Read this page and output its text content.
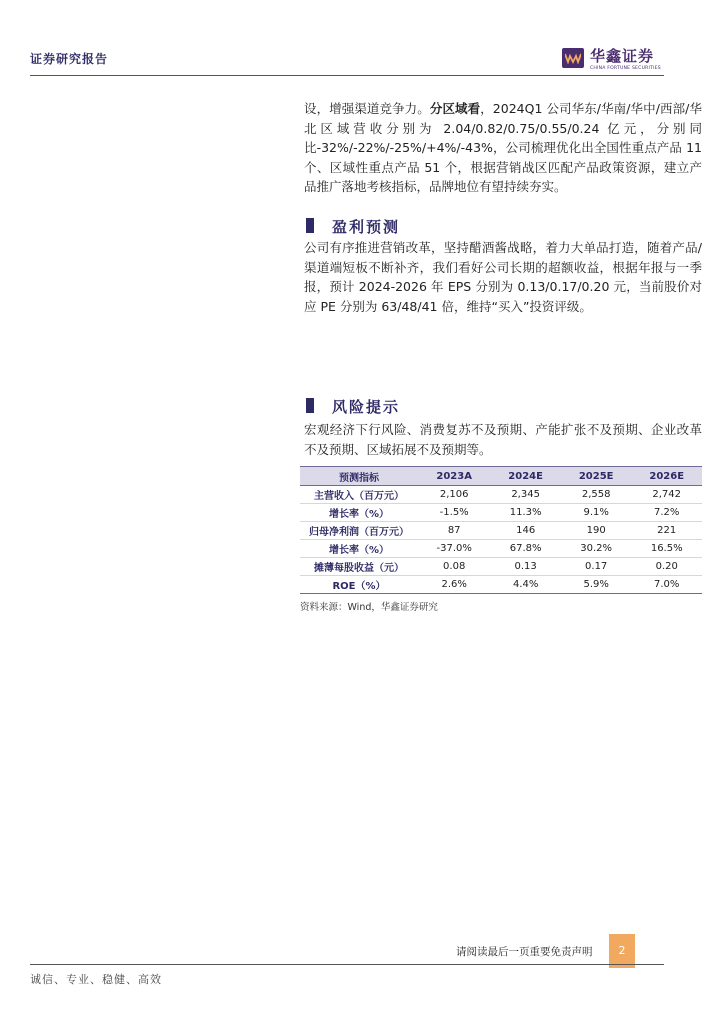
证券研究报告	华鑫证券
CHINA FORTUNE SECURITIES
设，增强渠道竞争力。分区域看，2024Q1 公司华东/华南/华中/西部/华北区域营收分别为 2.04/0.82/0.75/0.55/0.24 亿元，分别同比-32%/-22%/-25%/+4%/-43%，公司梳理优化出全国性重点产品 11 个、区域性重点产品 51 个，根据营销战区匹配产品政策资源，建立产品推广落地考核指标，品牌地位有望持续夯实。
盈利预测
公司有序推进营销改革，坚持醋酒酱战略，着力大单品打造，随着产品/渠道端短板不断补齐，我们看好公司长期的超额收益，根据年报与一季报，预计 2024-2026 年 EPS 分别为 0.13/0.17/0.20 元，当前股价对应 PE 分别为 63/48/41 倍，维持“买入”投资评级。
风险提示
宏观经济下行风险、消费复苏不及预期、产能扩张不及预期、企业改革不及预期、区域拓展不及预期等。
预测指标	2023A	2024E	2025E	2026E
主营收入（百万元）	2,106	2,345	2,558	2,742
增长率（%）	-1.5%	11.3%	9.1%	7.2%
归母净利润（百万元）	87	146	190	221
增长率（%）	-37.0%	67.8%	30.2%	16.5%
摊薄每股收益（元）	0.08	0.13	0.17	0.20
ROE（%）	2.6%	4.4%	5.9%	7.0%
资料来源：Wind，华鑫证券研究
请阅读最后一页重要免责声明	2
诚信、专业、稳健、高效
